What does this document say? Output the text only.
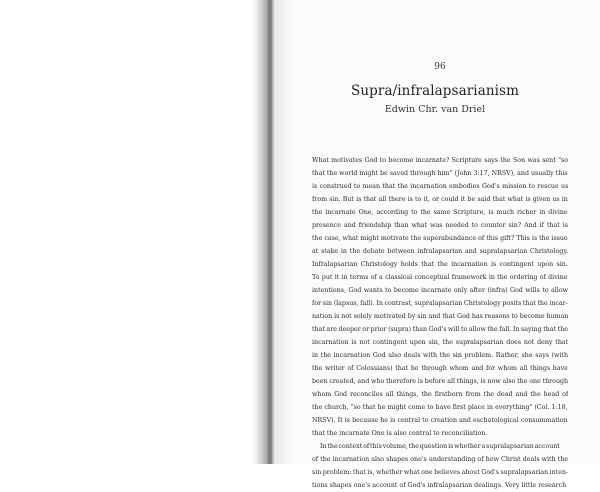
96
Supra/infralapsarianism
Edwin Chr. van Driel
What motivates God to become incarnate? Scripture says the Son was sent "so
that the world might be saved through him" (John 3:17, NRSV), and usually this
is construed to mean that the incarnation embodies God's mission to rescue us
from sin. But is that all there is to it, or could it be said that what is given us in
the incarnate One, according to the same Scripture, is much richer in divine
presence and friendship than what was needed to counter sin? And if that is
the case, what might motivate the superabundance of this gift? This is the issue
at stake in the debate between infralapsarian and supralapsarian Christology.
Infralapsarian Christology holds that the incarnation is contingent upon sin.
To put it in terms of a classical conceptual framework in the ordering of divine
intentions, God wants to become incarnate only after (infra) God wills to allow
for sin (lapsus, fall). In contrast, supralapsarian Christology posits that the incar-
nation is not solely motivated by sin and that God has reasons to become human
that are deeper or prior (supra) than God's will to allow the fall. In saying that the
incarnation is not contingent upon sin, the supralapsarian does not deny that
in the incarnation God also deals with the sin problem. Rather, she says (with
the writer of Colossians) that he through whom and for whom all things have
been created, and who therefore is before all things, is now also the one through
whom God reconciles all things, the firstborn from the dead and the head of
the church, "so that he might come to have first place in everything" (Col. 1:18,
NRSV). It is because he is central to creation and eschatological consummation
that the incarnate One is also central to reconciliation.
In the context of this volume, the question is whether a supralapsarian account
of the incarnation also shapes one's understanding of how Christ deals with the
sin problem: that is, whether what one believes about God's supralapsarian inten-
tions shapes one's account of God's infralapsarian dealings. Very little research
